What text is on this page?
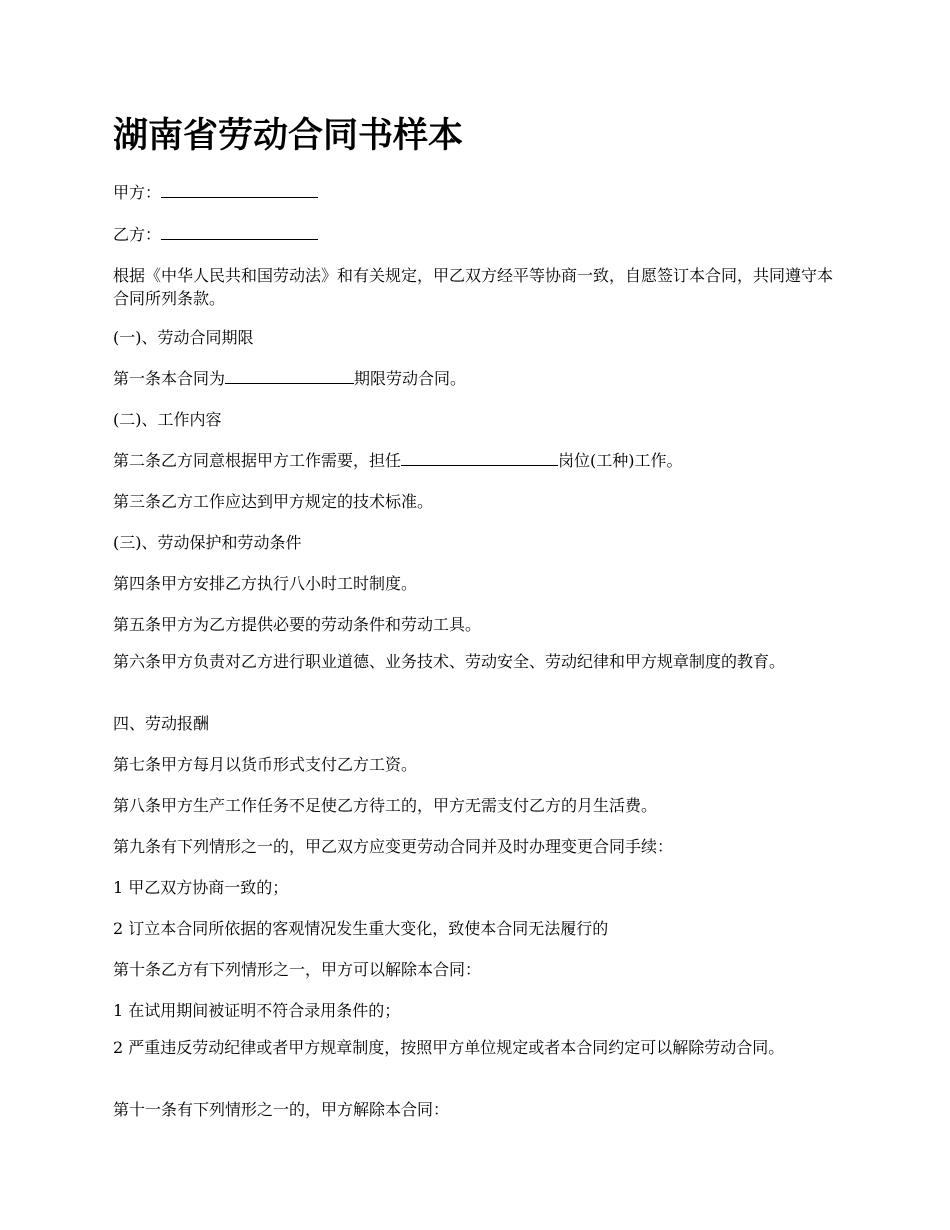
湖南省劳动合同书样本

甲方：

乙方：

根据《中华人民共和国劳动法》和有关规定，甲乙双方经平等协商一致，自愿签订本合同，共同遵守本合同所列条款。

(一)、劳动合同期限

第一条本合同为	期限劳动合同。

(二)、工作内容

第二条乙方同意根据甲方工作需要，担任	岗位(工种)工作。

第三条乙方工作应达到甲方规定的技术标准。

(三)、劳动保护和劳动条件

第四条甲方安排乙方执行八小时工时制度。

第五条甲方为乙方提供必要的劳动条件和劳动工具。

第六条甲方负责对乙方进行职业道德、业务技术、劳动安全、劳动纪律和甲方规章制度的教育。

四、劳动报酬

第七条甲方每月以货币形式支付乙方工资。

第八条甲方生产工作任务不足使乙方待工的，甲方无需支付乙方的月生活费。

第九条有下列情形之一的，甲乙双方应变更劳动合同并及时办理变更合同手续：

1 甲乙双方协商一致的；

2 订立本合同所依据的客观情况发生重大变化，致使本合同无法履行的

第十条乙方有下列情形之一，甲方可以解除本合同：

1 在试用期间被证明不符合录用条件的；

2 严重违反劳动纪律或者甲方规章制度，按照甲方单位规定或者本合同约定可以解除劳动合同。

第十一条有下列情形之一的，甲方解除本合同：
